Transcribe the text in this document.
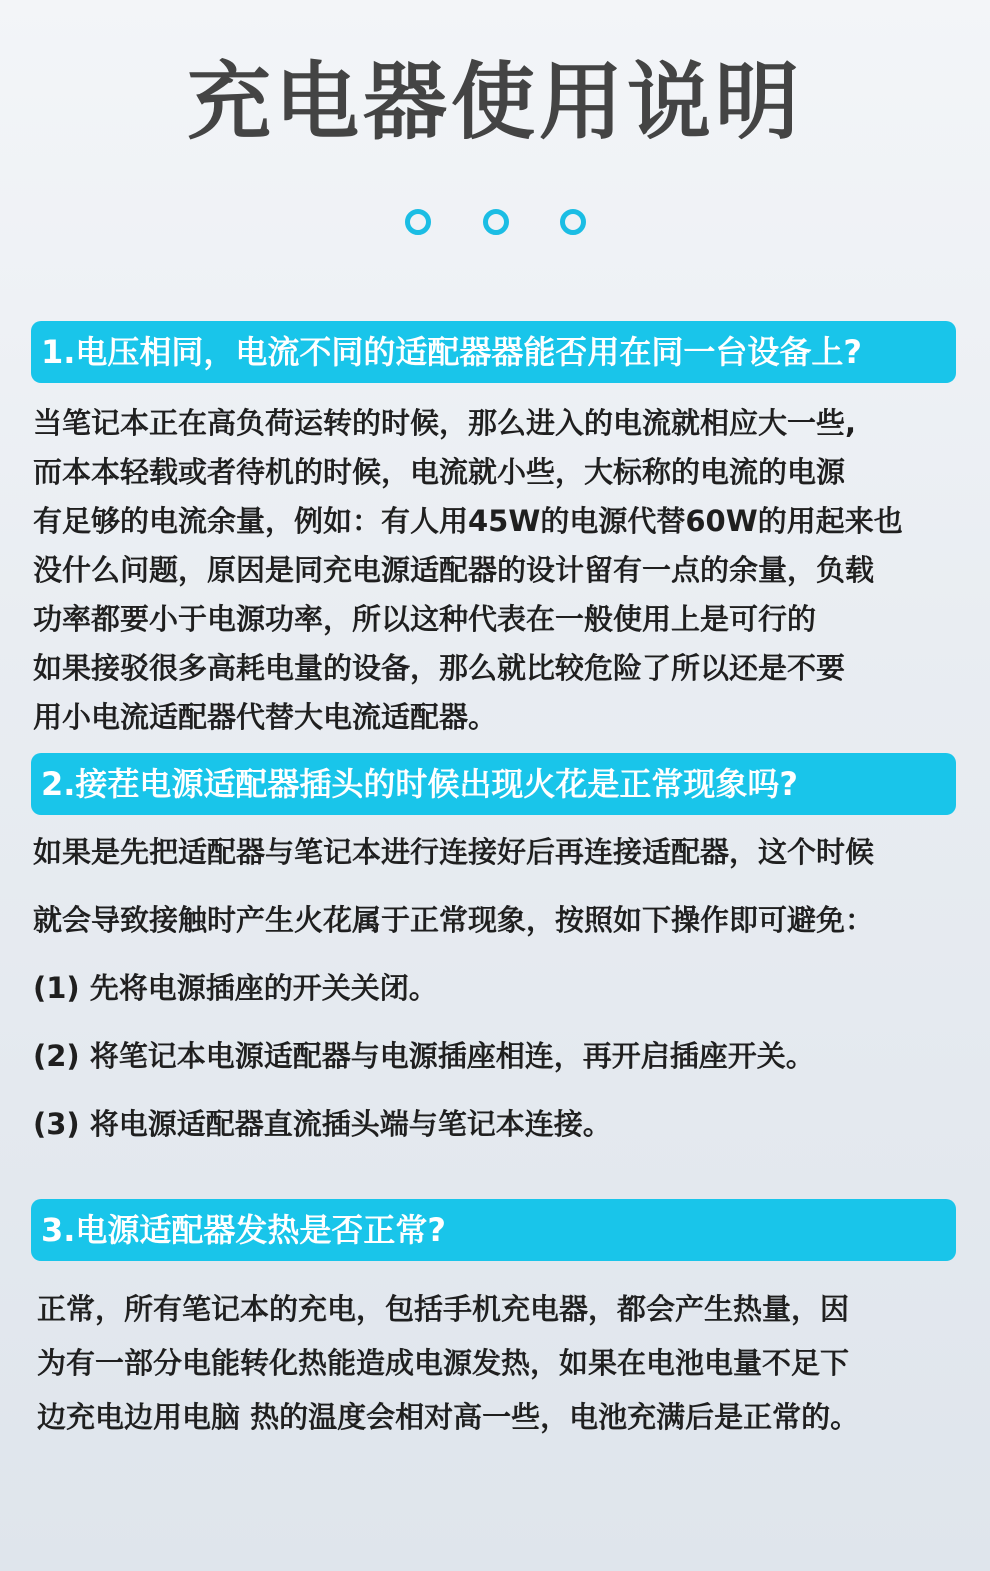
充电器使用说明
1.电压相同，电流不同的适配器器能否用在同一台设备上?
当笔记本正在高负荷运转的时候，那么进入的电流就相应大一些,
而本本轻载或者待机的时候，电流就小些，大标称的电流的电源
有足够的电流余量，例如：有人用45W的电源代替60W的用起来也
没什么问题，原因是同充电源适配器的设计留有一点的余量，负载
功率都要小于电源功率，所以这种代表在一般使用上是可行的
如果接驳很多高耗电量的设备，那么就比较危险了所以还是不要
用小电流适配器代替大电流适配器。
2.接茬电源适配器插头的时候出现火花是正常现象吗?
如果是先把适配器与笔记本进行连接好后再连接适配器，这个时候
就会导致接触时产生火花属于正常现象，按照如下操作即可避免：
(1) 先将电源插座的开关关闭。
(2) 将笔记本电源适配器与电源插座相连，再开启插座开关。
(3) 将电源适配器直流插头端与笔记本连接。
3.电源适配器发热是否正常?
正常，所有笔记本的充电，包括手机充电器，都会产生热量，因
为有一部分电能转化热能造成电源发热，如果在电池电量不足下
边充电边用电脑 热的温度会相对高一些，电池充满后是正常的。
